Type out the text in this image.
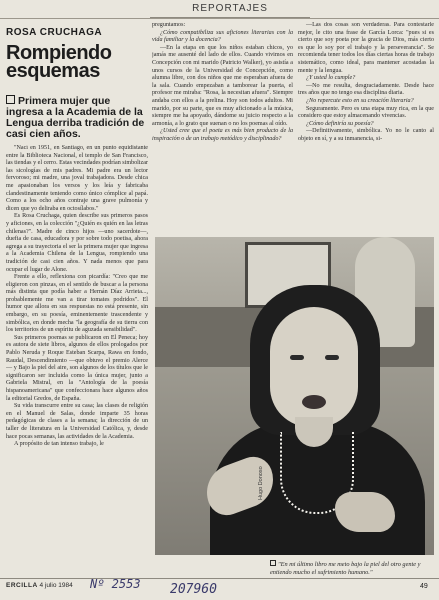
REPORTAJES
ROSA CRUCHAGA
Rompiendo esquemas
Primera mujer que ingresa a la Academia de la Lengua derriba tradición de casi cien años.

"Nací en 1951, en Santiago, en un punto equidistante entre la Biblioteca Nacional, el templo de San Francisco, las tiendas y el cerro. Estas vecindades podrían simbolizar las sicologías de mis padres. Mi padre era un lector fervoroso; mi madre, una joval trabajadora. Desde chica me apasionaban los versos y los leía y fabricaba clandestinamente teniendo como único cómplice al papá. Como a los ocho años contraje una grave pulmonía y dicen que yo deliraba en octosílabos."

Es Rosa Cruchaga, quien describe sus primeros pasos y aficiones, en la colección "¿Quién es quién en las letras chilenas?". Madre de cinco hijos —uno sacerdote—, duefia de casa, educadora y por sobre todo poetisa, ahora agrega a su trayectoria el ser la primera mujer que ingresa a la Academia Chilena de la Lengua, rompiendo una tradición de casi cien años. Y nada menos que para ocupar el lugar de Alone.

Frente a ello, reflexiona con picardía: "Creo que me eligieron con pinzas, en el sentido de buscar a la persona más distinta que podía haber a Hernán Díaz Arrieta..., probablemente me van a tirar tomates podridos". El humor que allora en sus respuestas no está presente, sin embargo, en su poesía, eminentemente trascendente y simbólica, en donde mecha "la geografía de su tierra con los territorios de un espíritu de aguzada sensibilidad".

Sus primeros poemas se publicaron en El Peneca; hoy es autora de siete libros, algunos de ellos prologados por Pablo Neruda y Roque Esteban Scarpa, Rawa en fondo, Raudal, Descendimiento —que obtuvo el premio Alerce— y Bajo la piel del aire, son algunos de los títulos que le significaron ser incluida como la única mujer, junto a Gabriela Mistral, en la "Antología de la poesía hispanoamericana" que confeccionara hace algunos años la editorial Gredos, de España.

Su vida transcurre entre su casa; las clases de religión en el Manuel de Salas, donde imparte 35 horas pedagógicas de clases a la semana; la dirección de un taller de literatura en la Universidad Católica, y, desde hace pocas semanas, las actividades de la Academia.

A propósito de tan intenso trabajo, le

preguntamos:

¿Cómo compatibiliza sus aficiones literarias con la vida familiar y la docencia?

—En la etapa en que los niños estaban chicos, yo jamás me ausenté del lado de ellos. Cuando vivimos en Concepción con mi marido (Patricio Walker), yo asistía a unos cursos de la Universidad de Concepción, como alumna libre, con dos niños que me esperaban afuera de la sala. Cuando empezaban a tamborear la puerta, el profesor me miraba: "Rosa, la necesitan afuera". Siempre andaba con ellos a la prelina. Hoy son todos adultos. Mi marido, por su parte, que es muy aficionado a la música, siempre me ha apoyado, dándome su juicio respecto a la armonía, a lo grato que suenan o no los poemas al oído.

¿Usted cree que el poeta es más bien producto de la inspiración o de un trabajo metódico y disciplinado?

—Las dos cosas son verdaderas. Para contestarle mejor, le cito una frase de García Lorca: "pues si es cierto que soy poeta por la gracia de Dios, más cierto es que lo soy por el trabajo y la perseverancia". Se recomienda tener todos los días ciertas horas de trabajo sistemático, como ideal, para mantener acostadas la mente y la lengua.

¿Y usted lo cumple?

—No me resulta, desgraciadamente. Desde hace tres años que no tengo esa disciplina diaria.

¿No repercute esto en su creación literaria?

Seguramente. Pero es una etapa muy rica, en la que considero que estoy almacenando vivencias.

¿Cómo definiría su poesía?

—Definitivamente, simbólica. Yo no le canto al objeto en sí, y a su inmanencia, si-

Hugo Donoso
"En mi último libro me meto bajo la piel del otro gente y entiendo mucho el sufrimiento humano."
ERCILLA 4 julio 1984 Nº 2553 207960	49
